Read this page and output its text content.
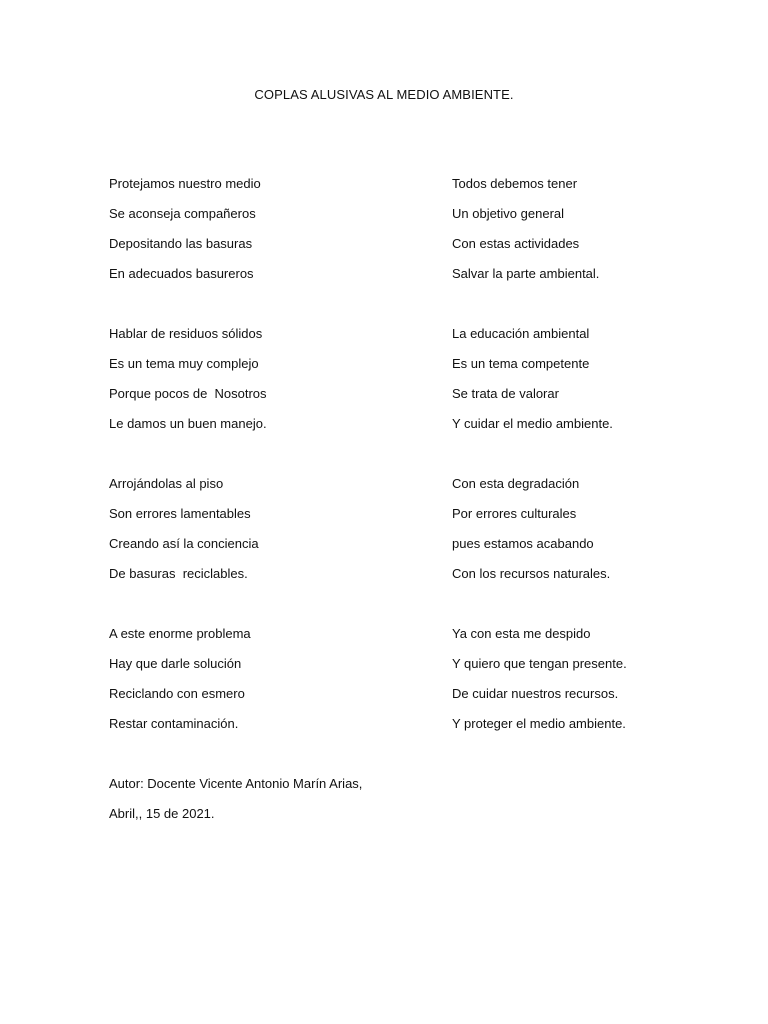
COPLAS ALUSIVAS AL MEDIO AMBIENTE.
Protejamos nuestro medio
Se aconseja compañeros
Depositando las basuras
En adecuados basureros
Hablar de residuos sólidos
Es un tema muy complejo
Porque pocos de  Nosotros
Le damos un buen manejo.
Arrojándolas al piso
Son errores lamentables
Creando así la conciencia
De basuras  reciclables.
A este enorme problema
Hay que darle solución
Reciclando con esmero
Restar contaminación.
Todos debemos tener
Un objetivo general
Con estas actividades
Salvar la parte ambiental.
La educación ambiental
Es un tema competente
Se trata de valorar
Y cuidar el medio ambiente.
Con esta degradación
Por errores culturales
pues estamos acabando
Con los recursos naturales.
Ya con esta me despido
Y quiero que tengan presente.
De cuidar nuestros recursos.
Y proteger el medio ambiente.
Autor: Docente Vicente Antonio Marín Arias,
Abril,, 15 de 2021.
